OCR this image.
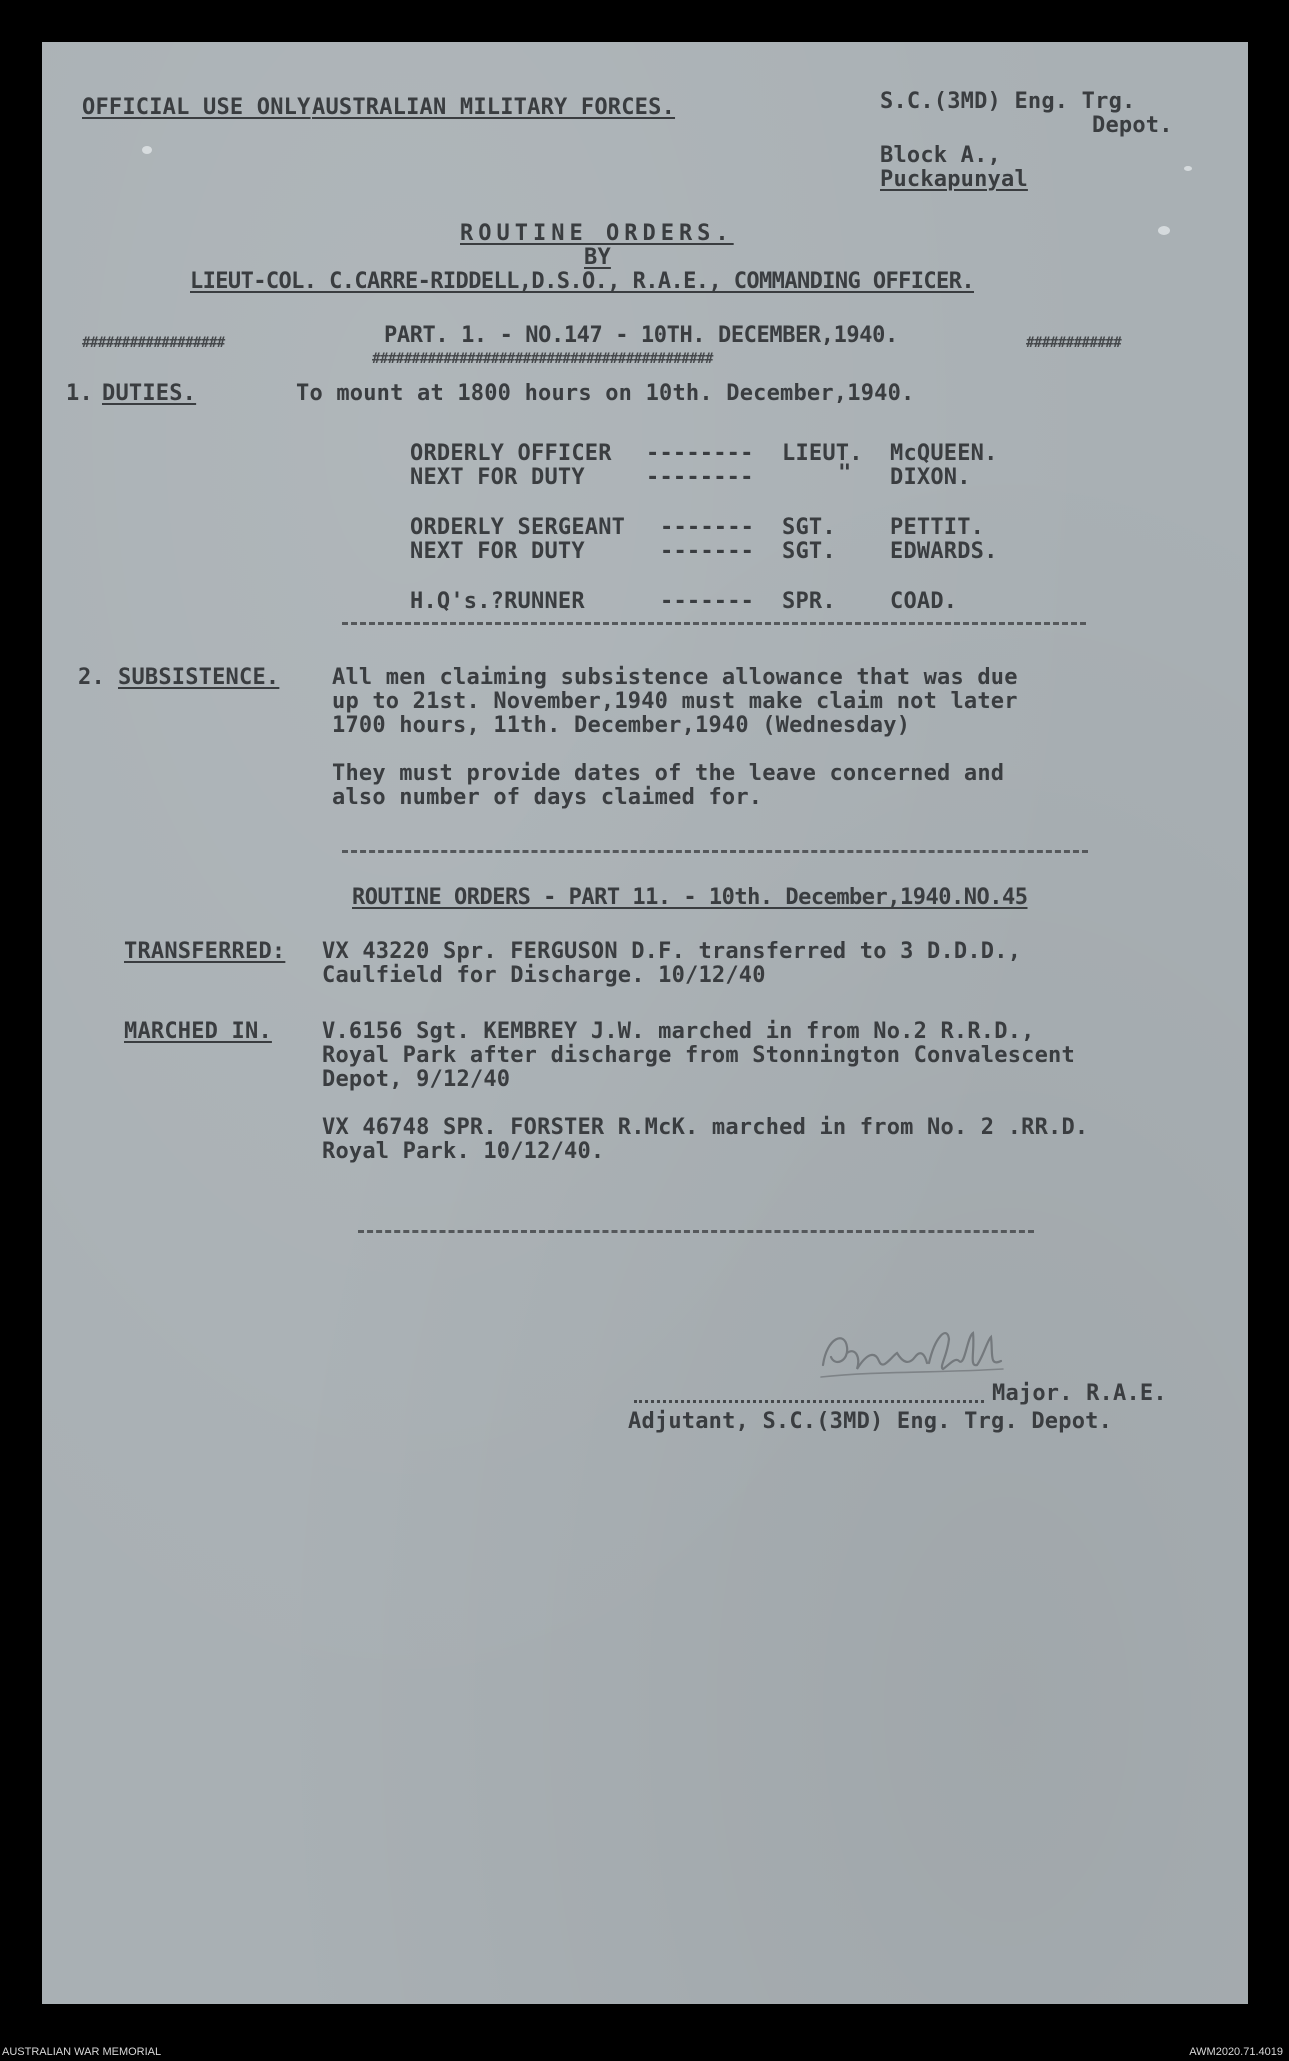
OFFICIAL USE ONLY AUSTRALIAN MILITARY FORCES.	S.C.(3MD) Eng. Trg.
Depot.
Block A.,
Puckapunyal
ROUTINE ORDERS.
BY
LIEUT-COL. C.CARRE-RIDDELL,D.S.O., R.A.E., COMMANDING OFFICER.
##################	PART. 1. - NO.147 - 10TH. DECEMBER,1940.	############
###########################################
1. DUTIES.	To mount at 1800 hours on 10th. December,1940.
ORDERLY OFFICER -------- LIEUT. McQUEEN.
NEXT FOR DUTY	--------	" DIXON.
ORDERLY SERGEANT ------- SGT. PETTIT.
NEXT FOR DUTY	------- SGT. EDWARDS.
H.Q's.?RUNNER	------- SPR. COAD.
2. SUBSISTENCE. All men claiming subsistence allowance that was due
up to 21st. November,1940 must make claim not later
1700 hours, 11th. December,1940 (Wednesday)
They must provide dates of the leave concerned and
also number of days claimed for.
ROUTINE ORDERS - PART 11. - 10th. December,1940.NO.45
TRANSFERRED: VX 43220 Spr. FERGUSON D.F. transferred to 3 D.D.D.,
Caulfield for Discharge. 10/12/40
MARCHED IN. V.6156 Sgt. KEMBREY J.W. marched in from No.2 R.R.D.,
Royal Park after discharge from Stonnington Convalescent
Depot, 9/12/40
VX 46748 SPR. FORSTER R.McK. marched in from No. 2 .RR.D.
Royal Park. 10/12/40.
Major. R.A.E.
Adjutant, S.C.(3MD) Eng. Trg. Depot.
AUSTRALIAN WAR MEMORIAL	AWM2020.71.4019
